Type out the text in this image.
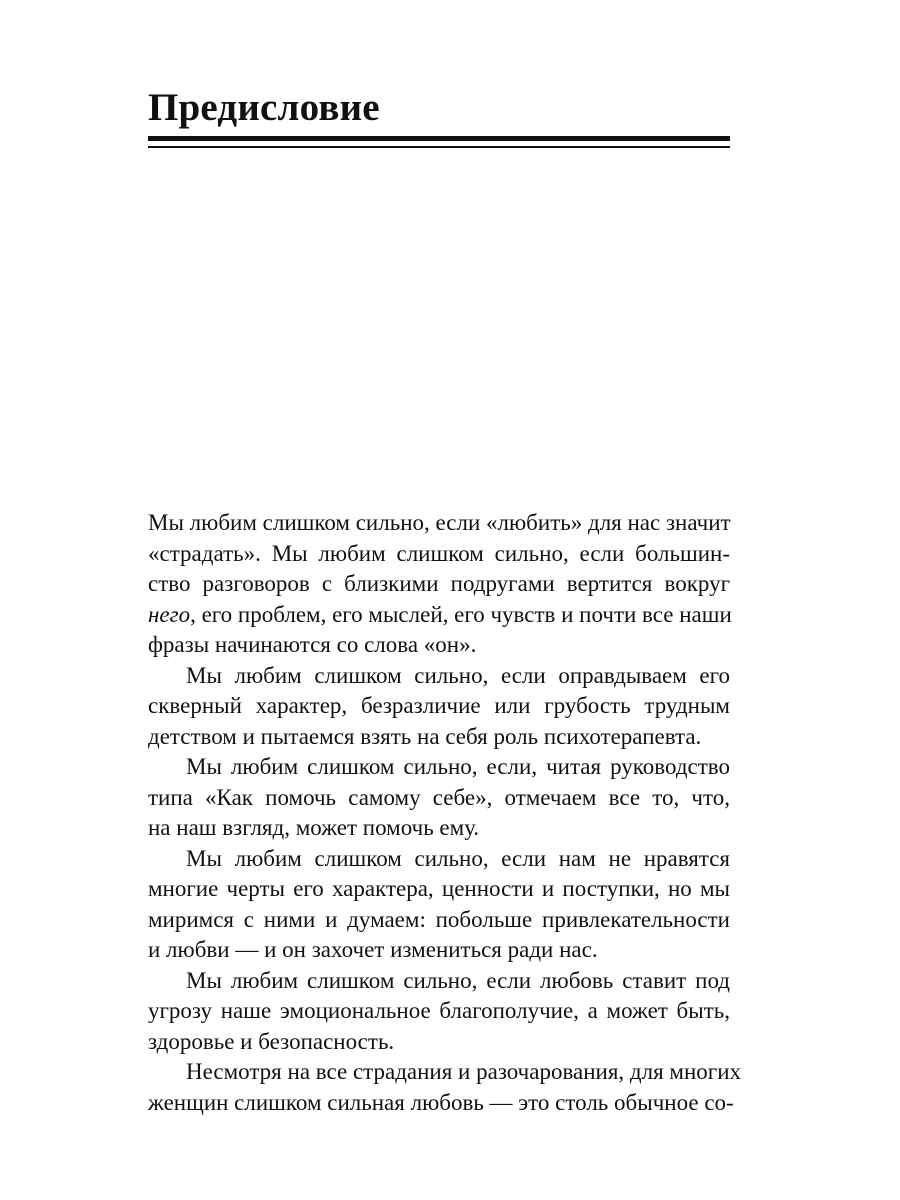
Предисловие

Мы любим слишком сильно, если «любить» для нас значит
«страдать». Мы любим слишком сильно, если большин-
ство разговоров с близкими подругами вертится вокруг
него, его проблем, его мыслей, его чувств и почти все наши
фразы начинаются со слова «он».

Мы любим слишком сильно, если оправдываем его
скверный характер, безразличие или грубость трудным
детством и пытаемся взять на себя роль психотерапевта.

Мы любим слишком сильно, если, читая руководство
типа «Как помочь самому себе», отмечаем все то, что,
на наш взгляд, может помочь ему.

Мы любим слишком сильно, если нам не нравятся
многие черты его характера, ценности и поступки, но мы
миримся с ними и думаем: побольше привлекательности
и любви — и он захочет измениться ради нас.

Мы любим слишком сильно, если любовь ставит под
угрозу наше эмоциональное благополучие, а может быть,
здоровье и безопасность.

Несмотря на все страдания и разочарования, для многих
женщин слишком сильная любовь — это столь обычное со-
